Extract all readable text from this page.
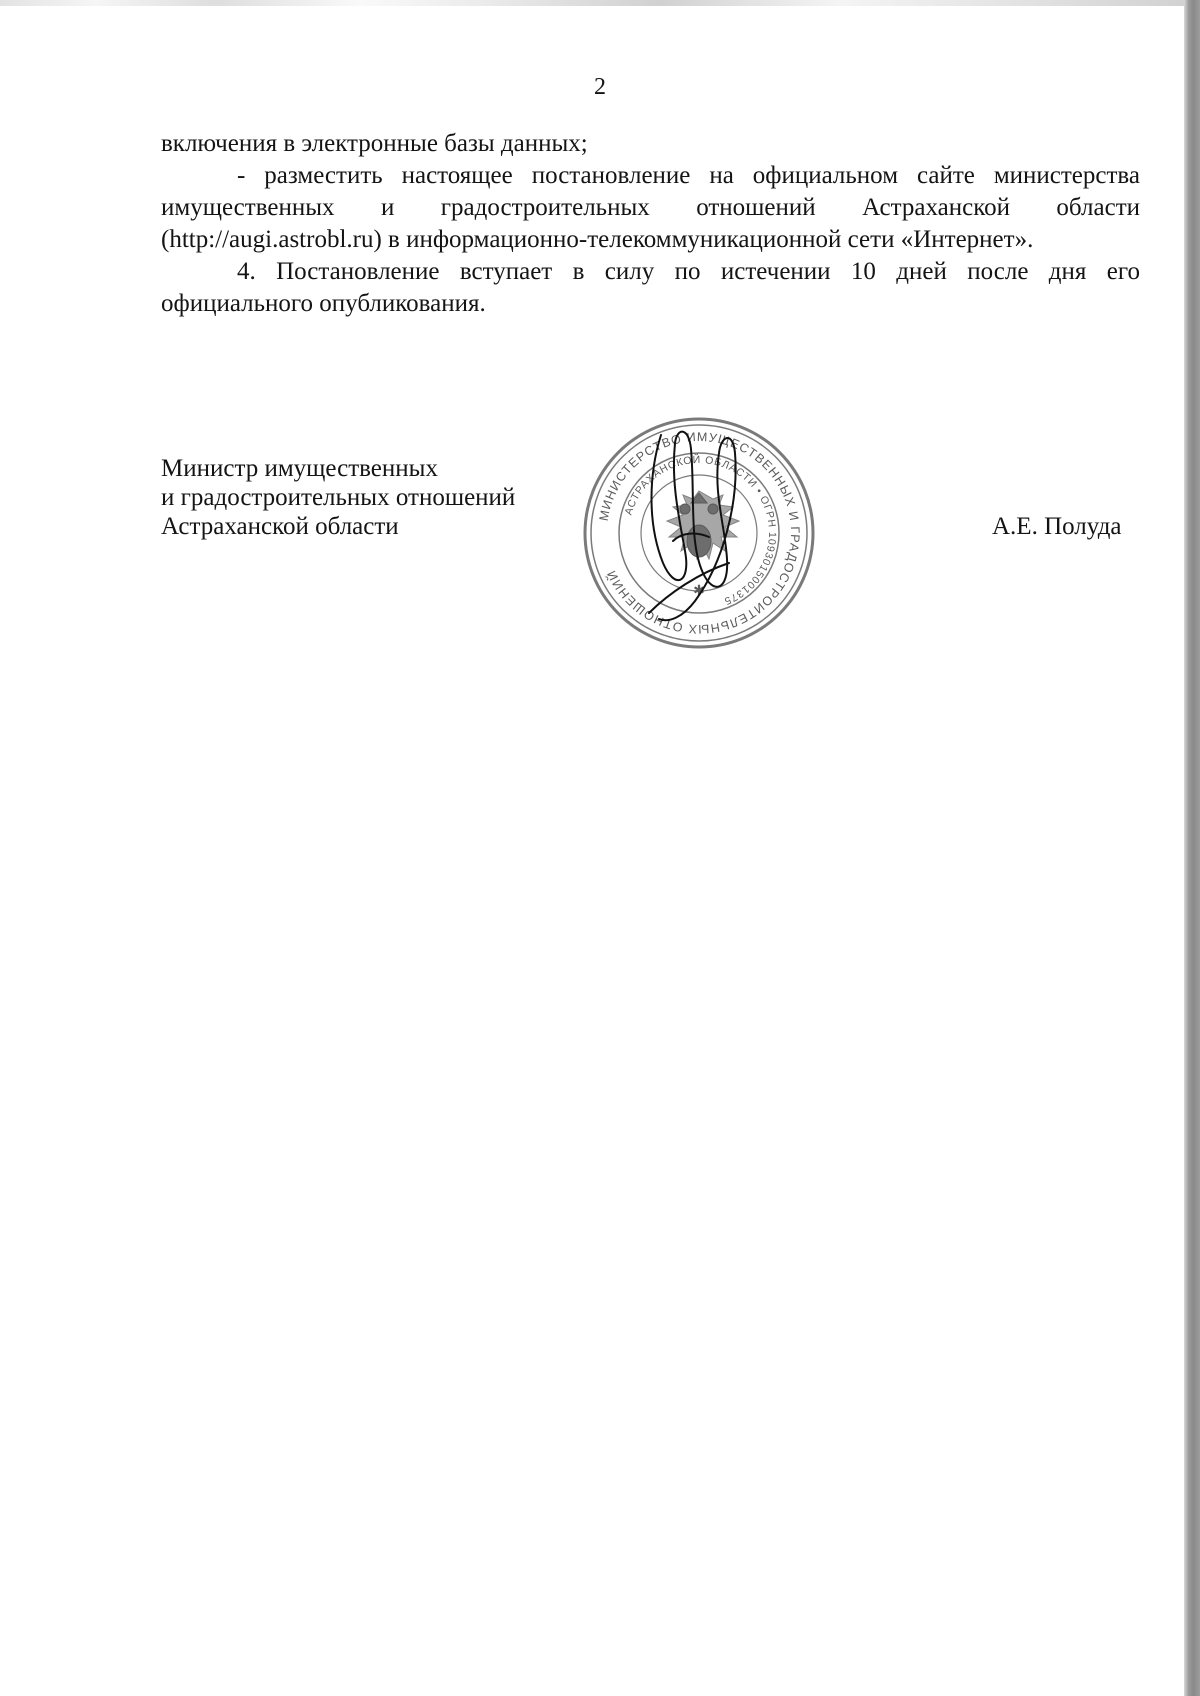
2

включения в электронные базы данных;

- разместить настоящее постановление на официальном сайте министерства имущественных и градостроительных отношений Астраханской области (http://augi.astrobl.ru) в информационно-телекоммуникационной сети «Интернет».

4. Постановление вступает в силу по истечении 10 дней после дня его официального опубликования.

Министр имущественных
и градостроительных отношений
Астраханской области	А.Е. Полуда
МИНИСТЕРСТВО ИМУЩЕСТВЕННЫХ И ГРАДОСТРОИТЕЛЬНЫХ ОТНОШЕНИЙ
АСТРАХАНСКОЙ ОБЛАСТИ • ОГРН 1093015001375
✱
